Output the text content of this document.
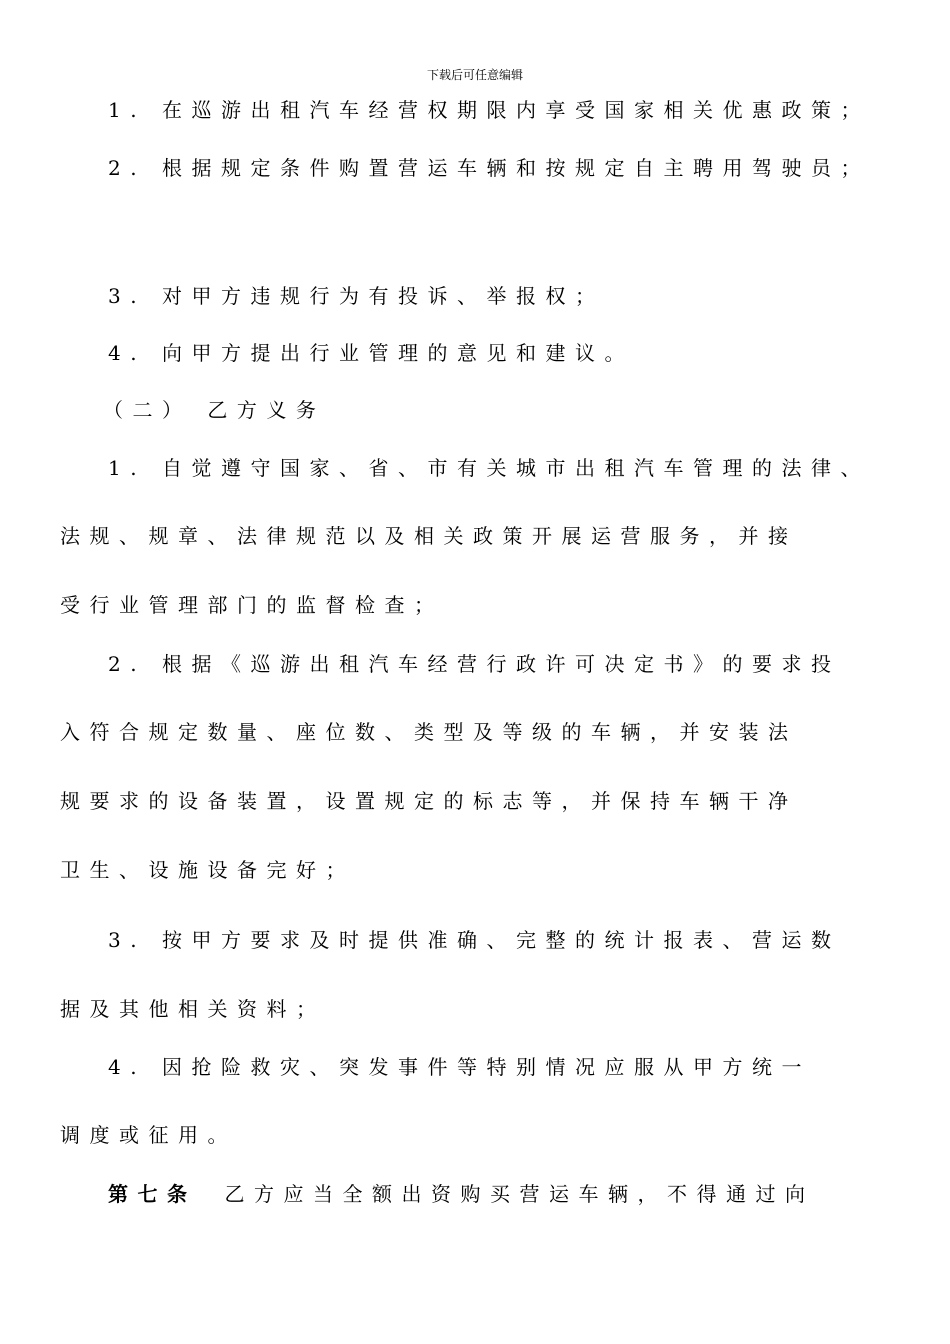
下载后可任意编辑
1. 在巡游出租汽车经营权期限内享受国家相关优惠政策；
2. 根据规定条件购置营运车辆和按规定自主聘用驾驶员；
3. 对甲方违规行为有投诉、举报权；
4. 向甲方提出行业管理的意见和建议。
（二） 乙方义务
1. 自觉遵守国家、省、市有关城市出租汽车管理的法律、
法规、规章、法律规范以及相关政策开展运营服务，并接
受行业管理部门的监督检查；
2. 根据《巡游出租汽车经营行政许可决定书》的要求投
入符合规定数量、座位数、类型及等级的车辆，并安装法
规要求的设备装置，设置规定的标志等，并保持车辆干净
卫生、设施设备完好；
3. 按甲方要求及时提供准确、完整的统计报表、营运数
据及其他相关资料；
4. 因抢险救灾、突发事件等特别情况应服从甲方统一
调度或征用。
第七条 乙方应当全额出资购买营运车辆，不得通过向
